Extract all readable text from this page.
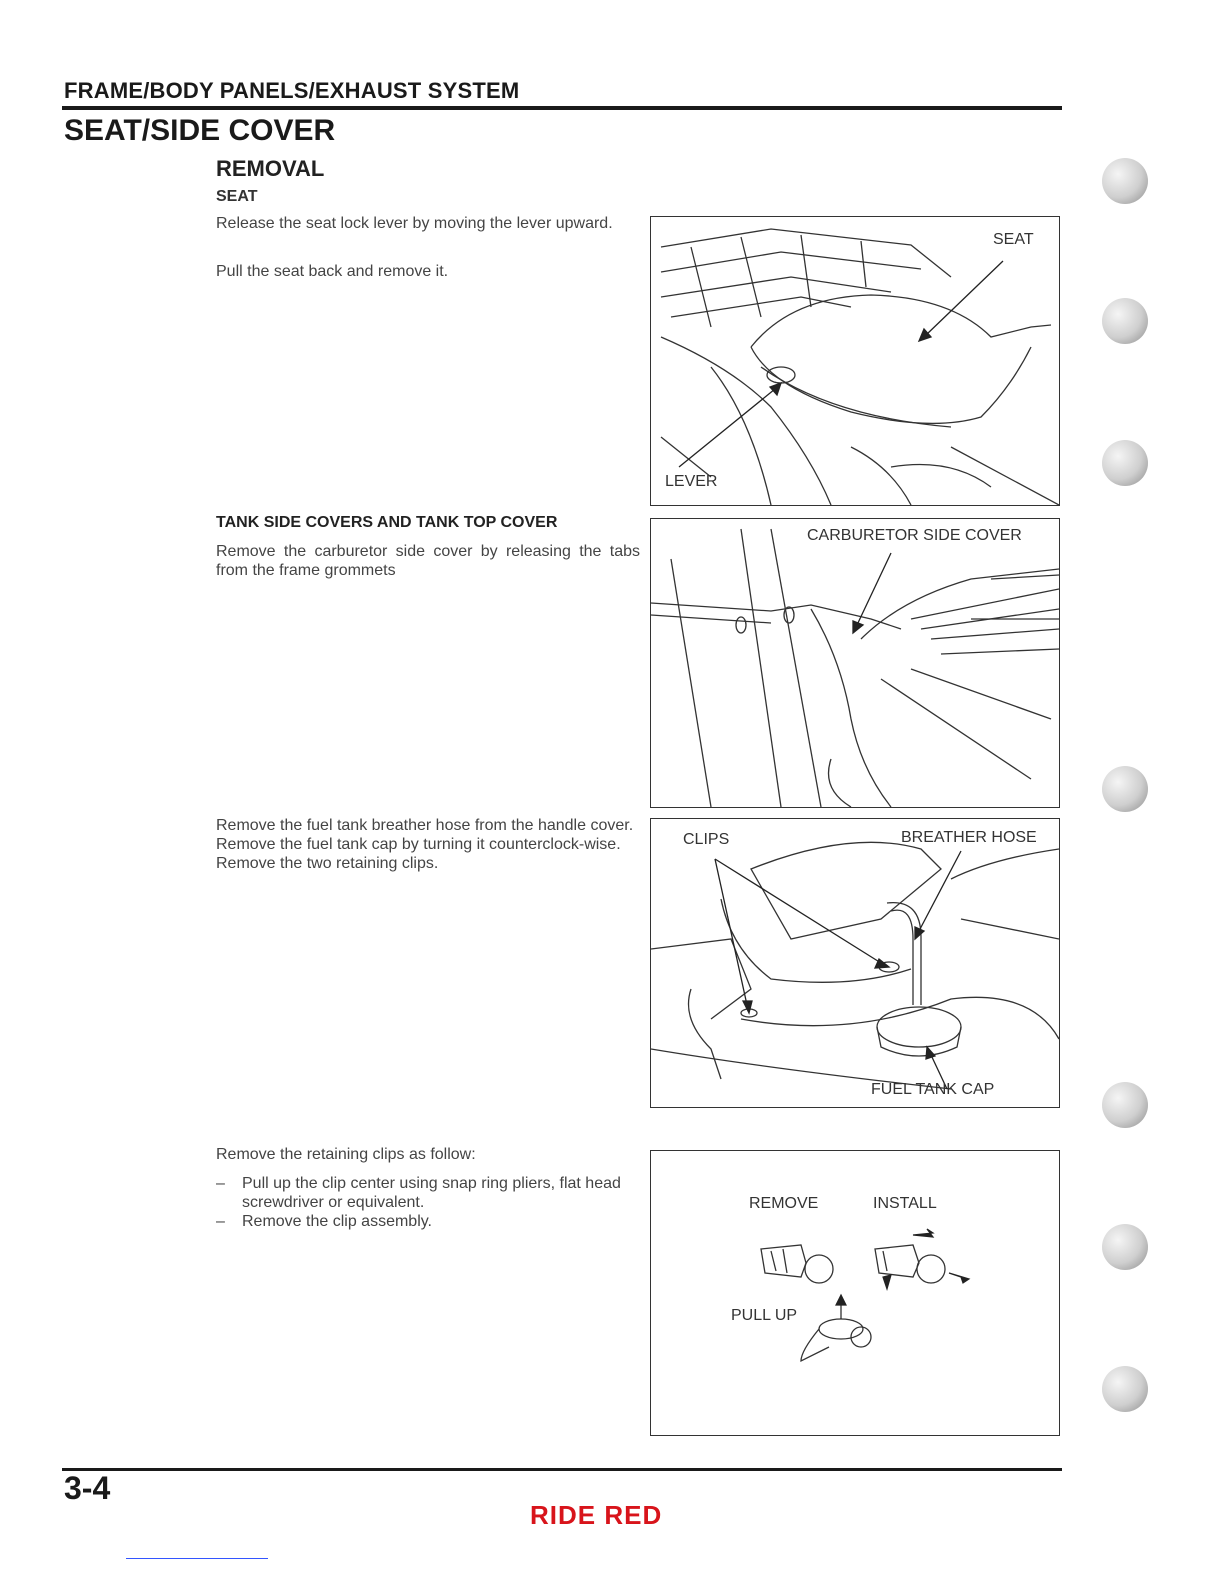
FRAME/BODY PANELS/EXHAUST SYSTEM
SEAT/SIDE COVER
REMOVAL
SEAT
Release the seat lock lever by moving the lever upward.
Pull the seat back and remove it.
TANK SIDE COVERS AND TANK TOP COVER
Remove the carburetor side cover by releasing the tabs from the frame grommets
Remove the fuel tank breather hose from the handle cover.
Remove the fuel tank cap by turning it counterclock-wise.
Remove the two retaining clips.
Remove the retaining clips as follow:
– Pull up the clip center using snap ring pliers, flat head screwdriver or equivalent.
– Remove the clip assembly.
SEAT
LEVER
CARBURETOR SIDE COVER
CLIPS	BREATHER HOSE
FUEL TANK CAP
REMOVE	INSTALL
PULL UP
3-4
RIDE RED
